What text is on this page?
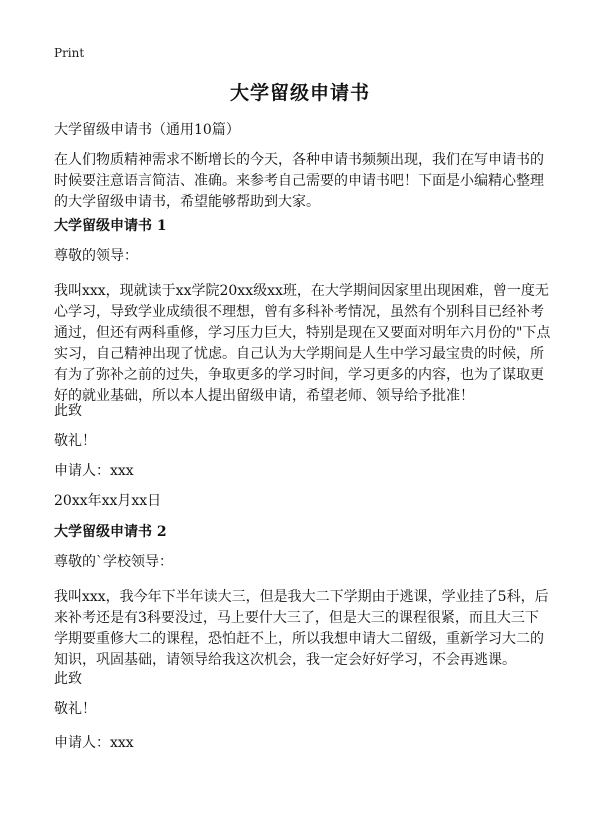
Print
大学留级申请书
大学留级申请书（通用10篇）
在人们物质精神需求不断增长的今天，各种申请书频频出现，我们在写申请书的时候要注意语言简洁、准确。来参考自己需要的申请书吧！下面是小编精心整理的大学留级申请书，希望能够帮助到大家。
大学留级申请书 1
尊敬的领导：
我叫xxx，现就读于xx学院20xx级xx班，在大学期间因家里出现困难，曾一度无心学习，导致学业成绩很不理想，曾有多科补考情况，虽然有个别科目已经补考通过，但还有两科重修，学习压力巨大，特别是现在又要面对明年六月份的"下点实习，自己精神出现了忧虑。自己认为大学期间是人生中学习最宝贵的时候，所有为了弥补之前的过失，争取更多的学习时间，学习更多的内容，也为了谋取更好的就业基础，所以本人提出留级申请，希望老师、领导给予批准！
此致
敬礼！
申请人：xxx
20xx年xx月xx日
大学留级申请书 2
尊敬的`学校领导：
我叫xxx，我今年下半年读大三，但是我大二下学期由于逃课，学业挂了5科，后来补考还是有3科要没过，马上要什大三了，但是大三的课程很紧，而且大三下学期要重修大二的课程，恐怕赶不上，所以我想申请大二留级，重新学习大二的知识，巩固基础，请领导给我这次机会，我一定会好好学习，不会再逃课。
此致
敬礼！
申请人：xxx
